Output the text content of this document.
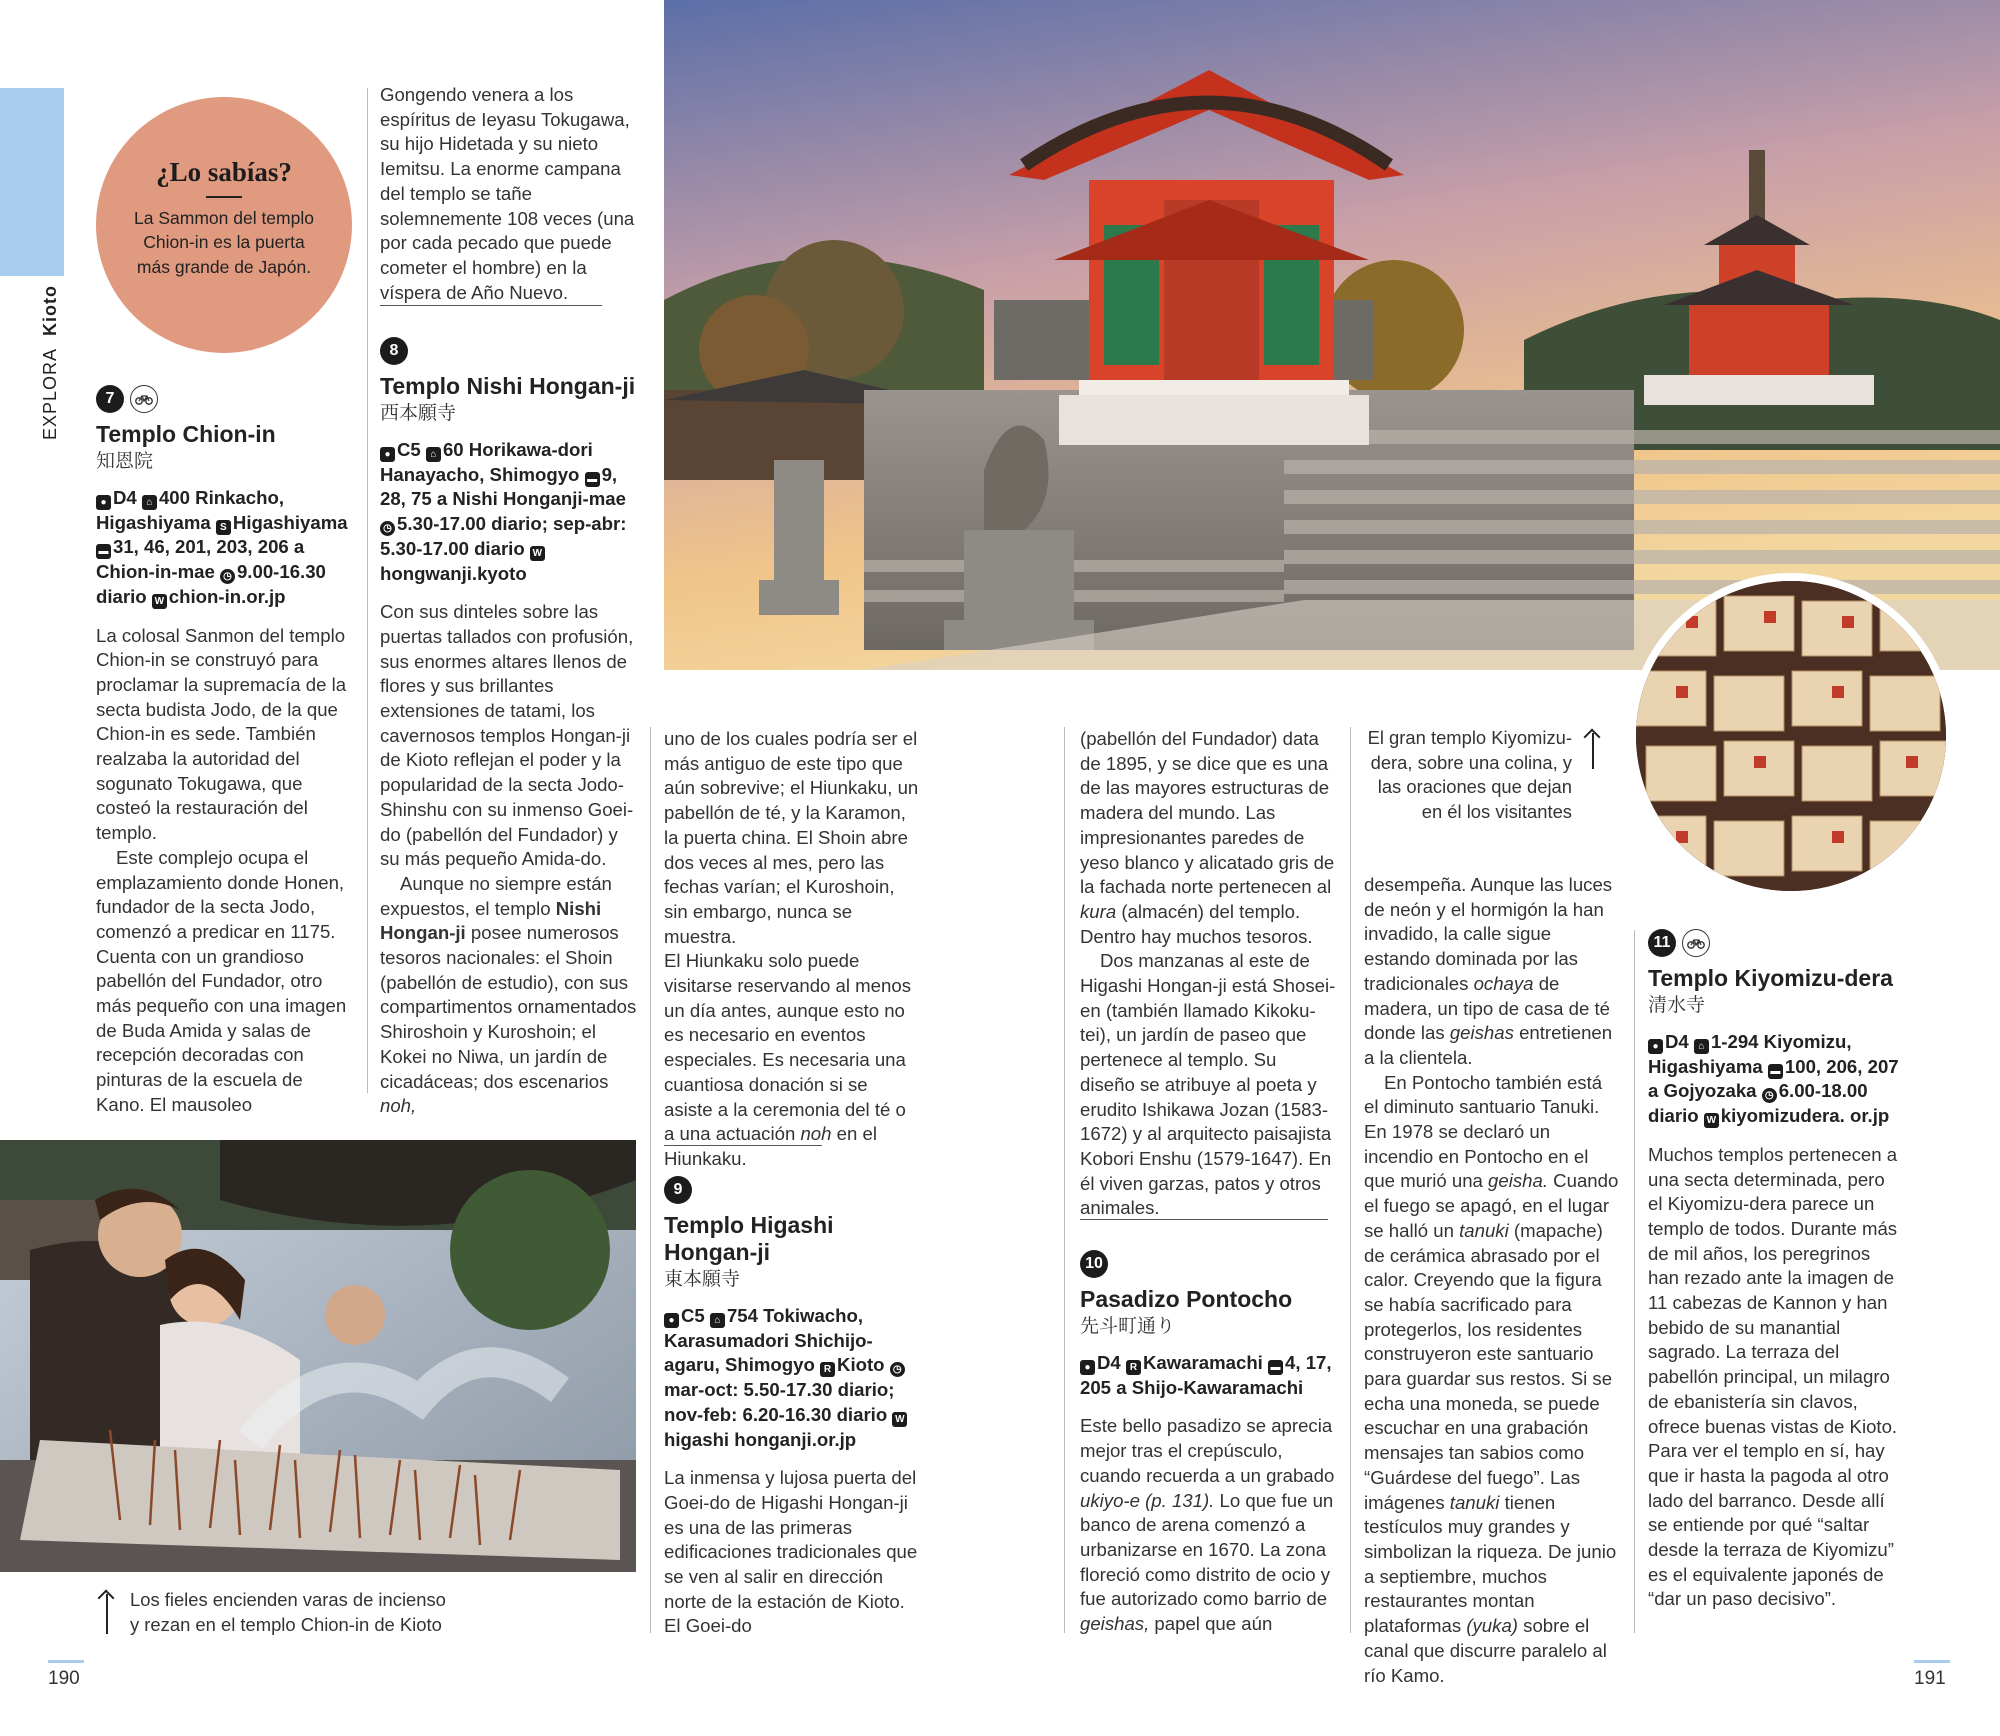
EXPLORA  Kioto
¿Lo sabías?
La Sammon del templo Chion-in es la puerta más grande de Japón.
7

Templo Chion-in

知恩院

● D4 ⌂ 400 Rinkacho, Higashiyama S Higashiyama ▬ 31, 46, 201, 203, 206 a Chion-in-mae ◷ 9.00-16.30 diario W chion-in.or.jp

La colosal Sanmon del templo Chion-in se construyó para proclamar la supremacía de la secta budista Jodo, de la que Chion-in es sede. También realzaba la autoridad del sogunato Tokugawa, que costeó la restauración del templo.

Este complejo ocupa el emplazamiento donde Honen, fundador de la secta Jodo, comenzó a predicar en 1175. Cuenta con un grandioso pabellón del Fundador, otro más pequeño con una imagen de Buda Amida y salas de recepción decoradas con pinturas de la escuela de Kano. El mausoleo

Gongendo venera a los espíritus de Ieyasu Tokugawa, su hijo Hidetada y su nieto Iemitsu. La enorme campana del templo se tañe solemnemente 108 veces (una por cada pecado que puede cometer el hombre) en la víspera de Año Nuevo.

8

Templo Nishi Hongan-ji

西本願寺

● C5 ⌂ 60 Horikawa-dori Hanayacho, Shimogyo ▬ 9, 28, 75 a Nishi Honganji-mae ◷ 5.30-17.00 diario; sep-abr: 5.30-17.00 diario Whongwanji.kyoto

Con sus dinteles sobre las puertas tallados con profusión, sus enormes altares llenos de flores y sus brillantes extensiones de tatami, los cavernosos templos Hongan-ji de Kioto reflejan el poder y la popularidad de la secta Jodo-Shinshu con su inmenso Goei-do (pabellón del Fundador) y su más pequeño Amida-do.

Aunque no siempre están expuestos, el templo Nishi Hongan-ji posee numerosos tesoros nacionales: el Shoin (pabellón de estudio), con sus compartimentos ornamentados Shiroshoin y Kuroshoin; el Kokei no Niwa, un jardín de cicadáceas; dos escenarios noh,

El gran templo Kiyomizu-dera, sobre una colina, y las oraciones que dejan en él los visitantes

uno de los cuales podría ser el más antiguo de este tipo que aún sobrevive; el Hiunkaku, un pabellón de té, y la Karamon, la puerta china. El Shoin abre dos veces al mes, pero las fechas varían; el Kuroshoin, sin embargo, nunca se muestra.

El Hiunkaku solo puede visitarse reservando al menos un día antes, aunque esto no es necesario en eventos especiales. Es necesaria una cuantiosa donación si se asiste a la ceremonia del té o a una actuación noh en el Hiunkaku.

9

Templo Higashi Hongan-ji

東本願寺

● C5 ⌂ 754 Tokiwacho, Karasumadori Shichijo-agaru, Shimogyo R Kioto ◷mar-oct: 5.50-17.30 diario; nov-feb: 6.20-16.30 diario Whigashi honganji.or.jp

La inmensa y lujosa puerta del Goei-do de Higashi Hongan-ji es una de las primeras edificaciones tradicionales que se ven al salir en dirección norte de la estación de Kioto. El Goei-do

(pabellón del Fundador) data de 1895, y se dice que es una de las mayores estructuras de madera del mundo. Las impresionantes paredes de yeso blanco y alicatado gris de la fachada norte pertenecen al kura (almacén) del templo. Dentro hay muchos tesoros.

Dos manzanas al este de Higashi Hongan-ji está Shosei-en (también llamado Kikoku-tei), un jardín de paseo que pertenece al templo. Su diseño se atribuye al poeta y erudito Ishikawa Jozan (1583-1672) y al arquitecto paisajista Kobori Enshu (1579-1647). En él viven garzas, patos y otros animales.

10

Pasadizo Pontocho

先斗町通り

● D4 R Kawaramachi ▬ 4, 17, 205 a Shijo-Kawaramachi

Este bello pasadizo se aprecia mejor tras el crepúsculo, cuando recuerda a un grabado ukiyo-e (p. 131). Lo que fue un banco de arena comenzó a urbanizarse en 1670. La zona floreció como distrito de ocio y fue autorizado como barrio de geishas, papel que aún

desempeña. Aunque las luces de neón y el hormigón la han invadido, la calle sigue estando dominada por las tradicionales ochaya de madera, un tipo de casa de té donde las geishas entretienen a la clientela.

En Pontocho también está el diminuto santuario Tanuki. En 1978 se declaró un incendio en Pontocho en el que murió una geisha. Cuando el fuego se apagó, en el lugar se halló un tanuki (mapache) de cerámica abrasado por el calor. Creyendo que la figura se había sacrificado para protegerlos, los residentes construyeron este santuario para guardar sus restos. Si se echa una moneda, se puede escuchar en una grabación mensajes tan sabios como “Guárdese del fuego”. Las imágenes tanuki tienen testículos muy grandes y simbolizan la riqueza. De junio a septiembre, muchos restaurantes montan plataformas (yuka) sobre el canal que discurre paralelo al río Kamo.

11

Templo Kiyomizu-dera

清水寺

● D4 ⌂ 1-294 Kiyomizu, Higashiyama ▬ 100, 206, 207 a Gojyozaka ◷ 6.00-18.00 diario W kiyomizudera. or.jp

Muchos templos pertenecen a una secta determinada, pero el Kiyomizu-dera parece un templo de todos. Durante más de mil años, los peregrinos han rezado ante la imagen de 11 cabezas de Kannon y han bebido de su manantial sagrado. La terraza del pabellón principal, un milagro de ebanistería sin clavos, ofrece buenas vistas de Kioto. Para ver el templo en sí, hay que ir hasta la pagoda al otro lado del barranco. Desde allí se entiende por qué “saltar desde la terraza de Kiyomizu” es el equivalente japonés de “dar un paso decisivo”.

Los fieles encienden varas de incienso y rezan en el templo Chion-in de Kioto
190	191
